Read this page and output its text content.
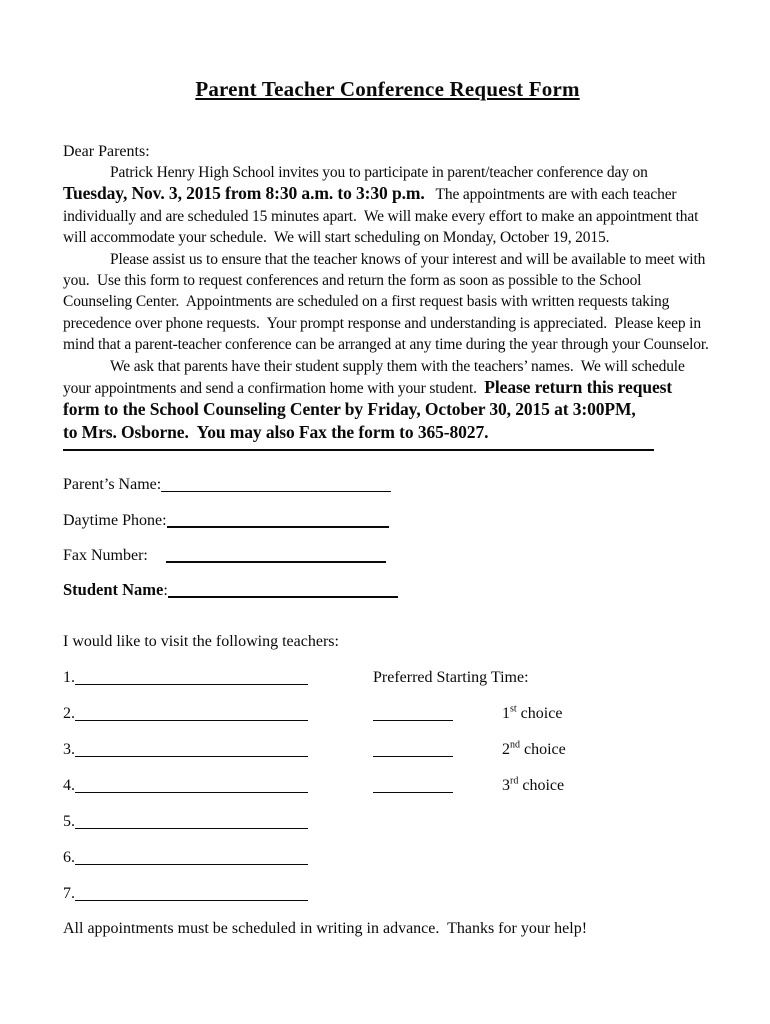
Parent Teacher Conference Request Form
Dear Parents:

Patrick Henry High School invites you to participate in parent/teacher conference day on Tuesday, Nov. 3, 2015 from 8:30 a.m. to 3:30 p.m.   The appointments are with each teacher individually and are scheduled 15 minutes apart.  We will make every effort to make an appointment that will accommodate your schedule.  We will start scheduling on Monday, October 19, 2015.

Please assist us to ensure that the teacher knows of your interest and will be available to meet with you.  Use this form to request conferences and return the form as soon as possible to the School Counseling Center.  Appointments are scheduled on a first request basis with written requests taking precedence over phone requests.  Your prompt response and understanding is appreciated.  Please keep in mind that a parent-teacher conference can be arranged at any time during the year through your Counselor.

We ask that parents have their student supply them with the teachers’ names.  We will schedule your appointments and send a confirmation home with your student.  Please return this request form to the School Counseling Center by Friday, October 30, 2015 at 3:00PM,
to Mrs. Osborne.  You may also Fax the form to 365-8027.

Parent’s Name:
Daytime Phone:
Fax Number:
Student Name:
I would like to visit the following teachers:
1.	Preferred Starting Time:
2.	1st choice
3.	2nd choice
4.	3rd choice
5.
6.
7.
All appointments must be scheduled in writing in advance.  Thanks for your help!
